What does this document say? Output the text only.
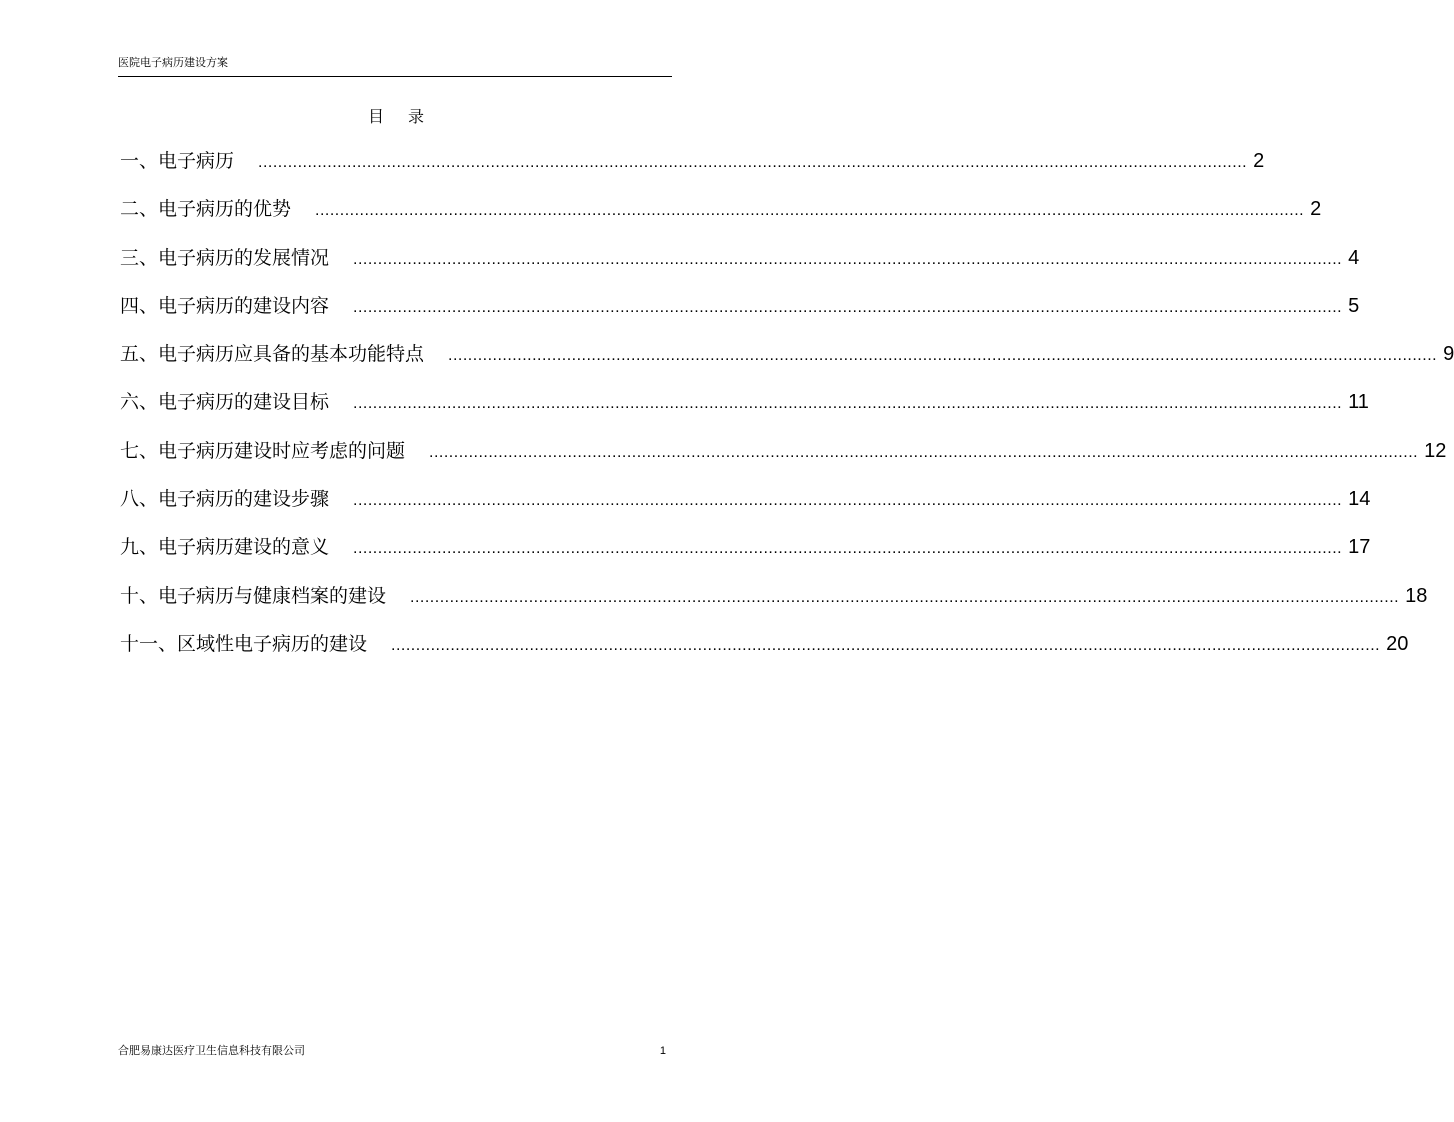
医院电子病历建设方案
目录
一、电子病历 ........................................................................................................................................................................................................ 2
二、电子病历的优势 ........................................................................................................................................................................................................ 2
三、电子病历的发展情况 ........................................................................................................................................................................................................ 4
四、电子病历的建设内容 ........................................................................................................................................................................................................ 5
五、电子病历应具备的基本功能特点 ........................................................................................................................................................................................................ 9
六、电子病历的建设目标 ........................................................................................................................................................................................................ 11
七、电子病历建设时应考虑的问题 ........................................................................................................................................................................................................ 12
八、电子病历的建设步骤 ........................................................................................................................................................................................................ 14
九、电子病历建设的意义 ........................................................................................................................................................................................................ 17
十、电子病历与健康档案的建设 ........................................................................................................................................................................................................ 18
十一、区域性电子病历的建设 ........................................................................................................................................................................................................ 20
合肥易康达医疗卫生信息科技有限公司	1
